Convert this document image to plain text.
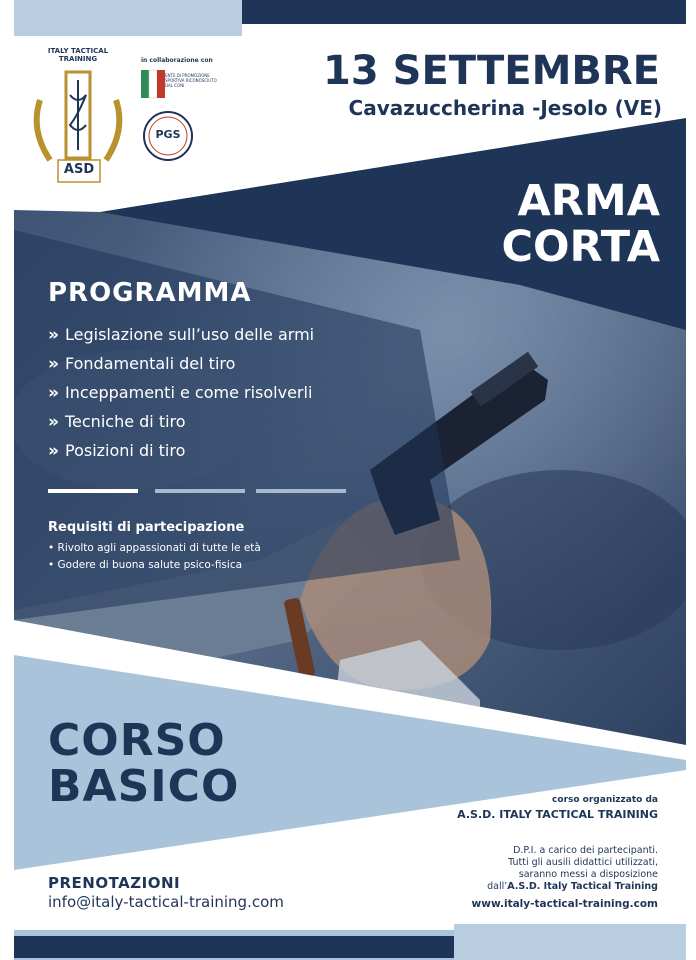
ITALY TACTICAL TRAINING
ASD
in collaborazione con
ENTE DI PROMOZIONE SPORTIVA RICONOSCIUTO DAL CONI
PGS
13 SETTEMBRE
Cavazuccherina -Jesolo (VE)
ARMA
CORTA
PROGRAMMA
» Legislazione sull’uso delle armi
» Fondamentali del tiro
» Inceppamenti e come risolverli
» Tecniche di tiro
» Posizioni di tiro
Requisiti di partecipazione
• Rivolto agli appassionati di tutte le età
• Godere di buona salute psico-fisica
CORSO
BASICO	corso organizzato da
A.S.D. ITALY TACTICAL TRAINING
D.P.I. a carico dei partecipanti.
Tutti gli ausili didattici utilizzati,
saranno messi a disposizione
dall’A.S.D. Italy Tactical Training
PRENOTAZIONI
info@italy-tactical-training.com	www.italy-tactical-training.com
